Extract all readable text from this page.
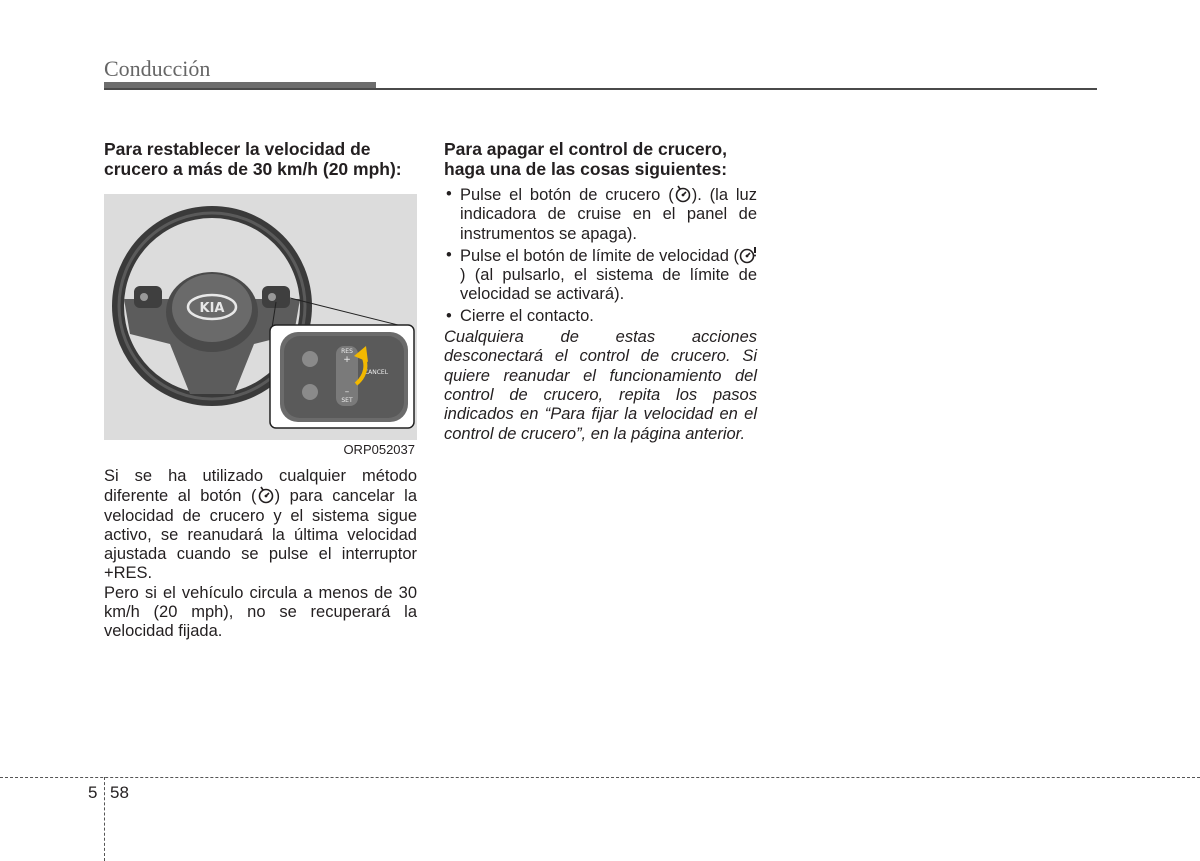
Conducción

Para restablecer la velocidad de crucero a más de 30 km/h (20 mph):

KIA
RES
+
–
SET
CANCEL
ORP052037

Si se ha utilizado cualquier método diferente al botón ( ) para cancelar la velocidad de crucero y el sistema sigue activo, se reanudará la última velocidad ajustada cuando se pulse el interruptor +RES.

Pero si el vehículo circula a menos de 30 km/h (20 mph), no se recuperará la velocidad fijada.

Para apagar el control de crucero, haga una de las cosas siguientes:

• Pulse el botón de crucero ( ). (la luz indicadora de cruise en el panel de instrumentos se apaga).
• Pulse el botón de límite de velocidad () (al pulsarlo, el sistema de límite de velocidad se activará).
• Cierre el contacto.

Cualquiera de estas acciones desconectará el control de crucero. Si quiere reanudar el funcionamiento del control de crucero, repita los pasos indicados en “Para fijar la velocidad en el control de crucero”, en la página anterior.

5 58
